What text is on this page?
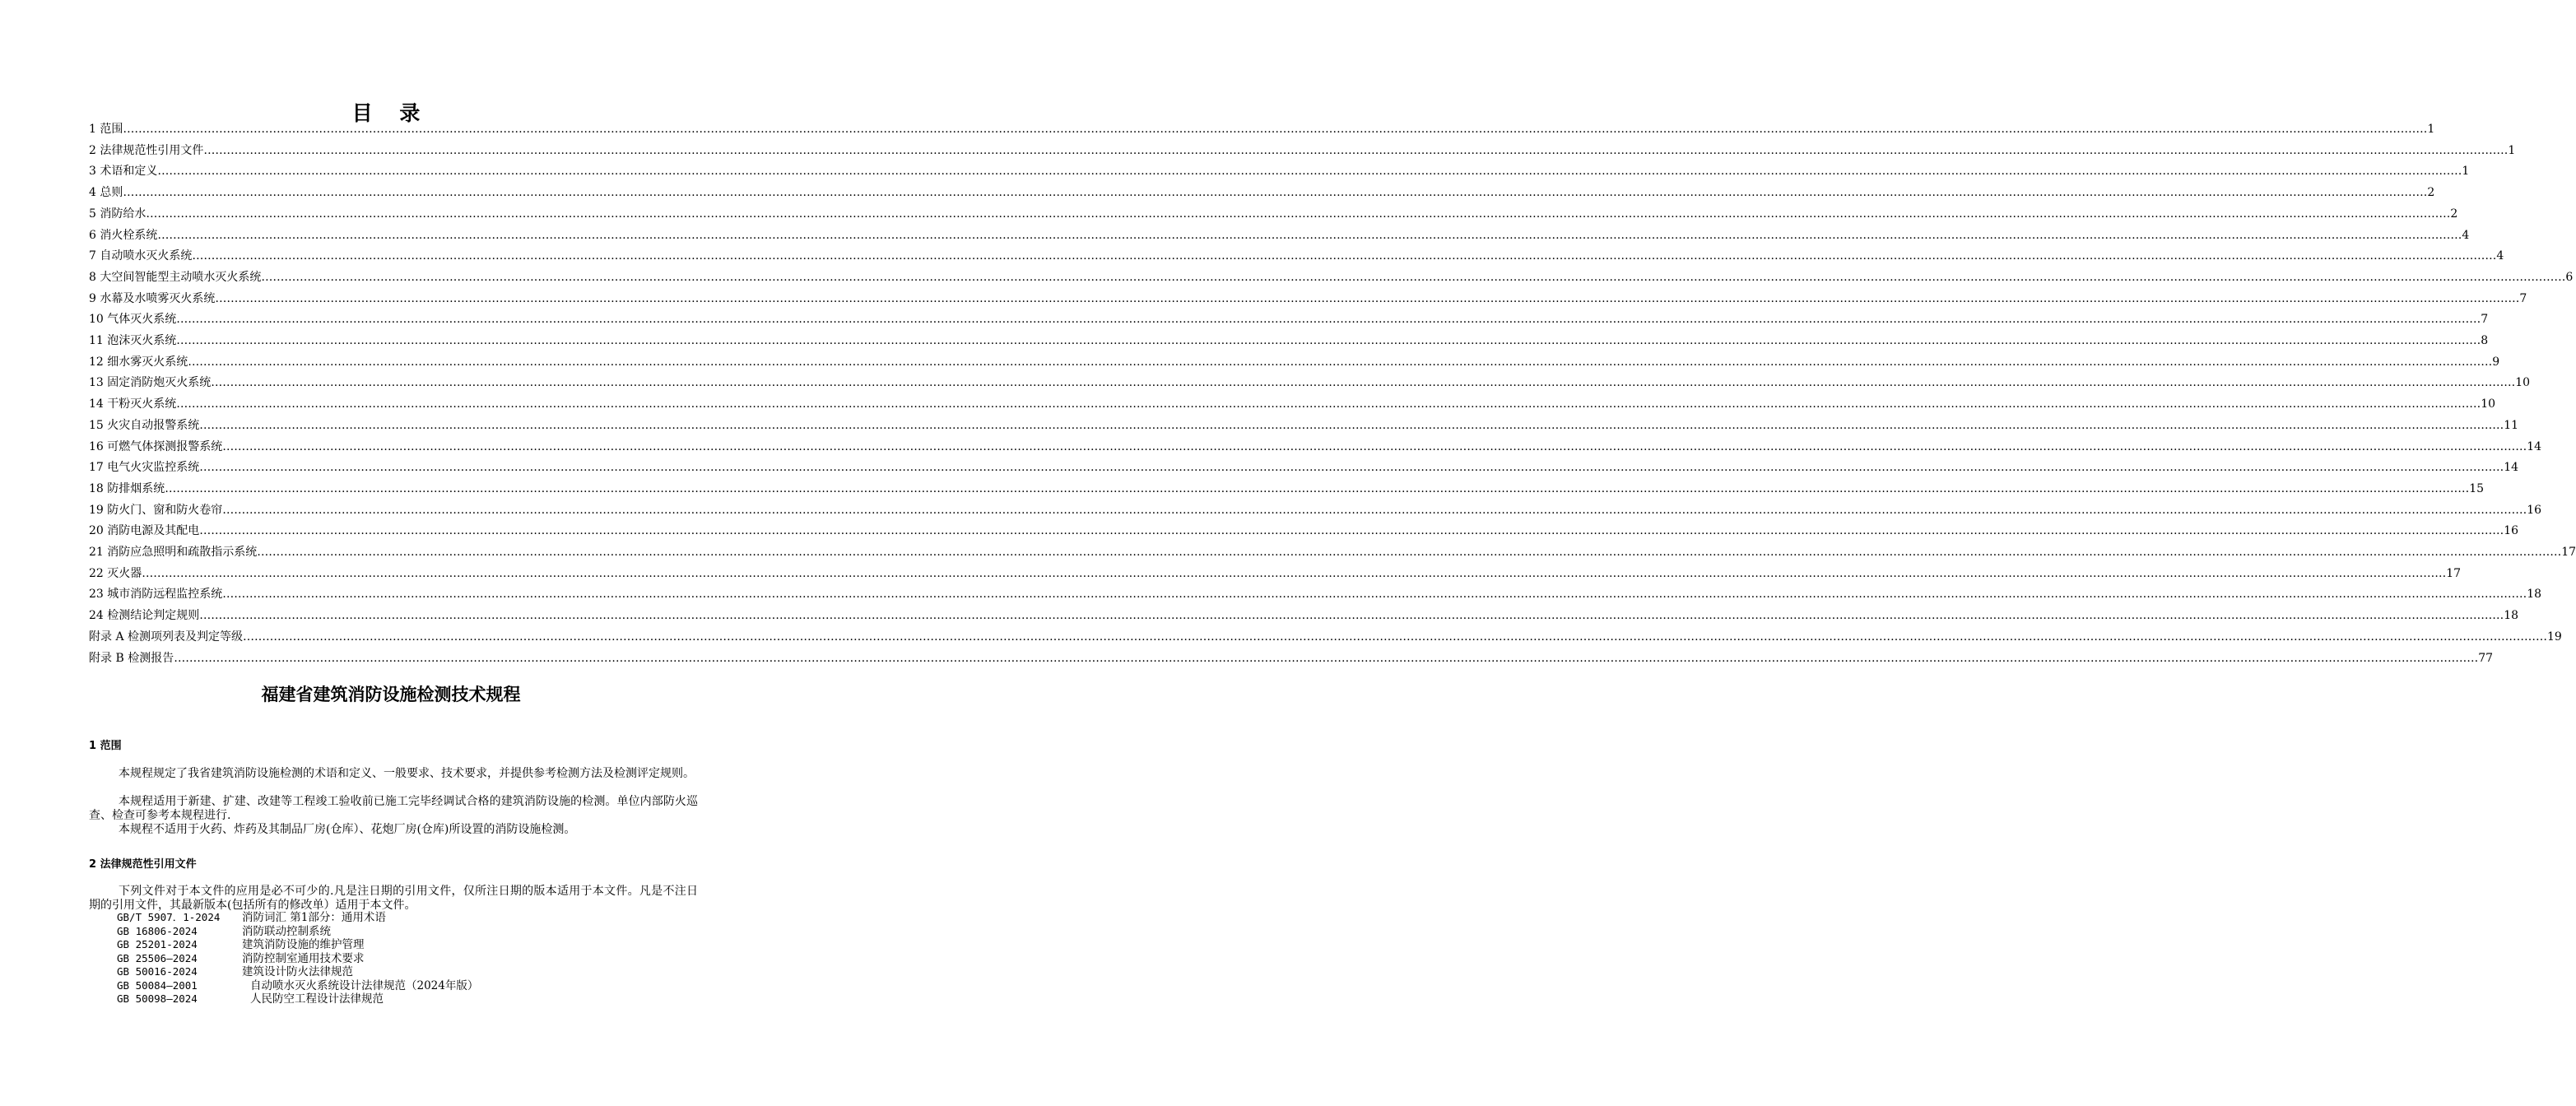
目 录
1 范围 …………………………………………………………………………………………………………………………………………………………………………………………………………………………………………………………………………………………………………………………………………………………………………………………………………………………………………………………………………………………………………………………………………………… 1
2 法律规范性引用文件 …………………………………………………………………………………………………………………………………………………………………………………………………………………………………………………………………………………………………………………………………………………………………………………………………………………………………………………………………………………………………………………………………………………… 1
3 术语和定义 …………………………………………………………………………………………………………………………………………………………………………………………………………………………………………………………………………………………………………………………………………………………………………………………………………………………………………………………………………………………………………………………………………………… 1
4 总则 …………………………………………………………………………………………………………………………………………………………………………………………………………………………………………………………………………………………………………………………………………………………………………………………………………………………………………………………………………………………………………………………………………………… 2
5 消防给水 …………………………………………………………………………………………………………………………………………………………………………………………………………………………………………………………………………………………………………………………………………………………………………………………………………………………………………………………………………………………………………………………………………………… 2
6 消火栓系统 …………………………………………………………………………………………………………………………………………………………………………………………………………………………………………………………………………………………………………………………………………………………………………………………………………………………………………………………………………………………………………………………………………………… 4
7 自动喷水灭火系统 …………………………………………………………………………………………………………………………………………………………………………………………………………………………………………………………………………………………………………………………………………………………………………………………………………………………………………………………………………………………………………………………………………………… 4
8 大空间智能型主动喷水灭火系统 …………………………………………………………………………………………………………………………………………………………………………………………………………………………………………………………………………………………………………………………………………………………………………………………………………………………………………………………………………………………………………………………………………………… 6
9 水幕及水喷雾灭火系统 …………………………………………………………………………………………………………………………………………………………………………………………………………………………………………………………………………………………………………………………………………………………………………………………………………………………………………………………………………………………………………………………………………………… 7
10 气体灭火系统 …………………………………………………………………………………………………………………………………………………………………………………………………………………………………………………………………………………………………………………………………………………………………………………………………………………………………………………………………………………………………………………………………………………… 7
11 泡沫灭火系统 …………………………………………………………………………………………………………………………………………………………………………………………………………………………………………………………………………………………………………………………………………………………………………………………………………………………………………………………………………………………………………………………………………………… 8
12 细水雾灭火系统 …………………………………………………………………………………………………………………………………………………………………………………………………………………………………………………………………………………………………………………………………………………………………………………………………………………………………………………………………………………………………………………………………………………… 9
13 固定消防炮灭火系统 …………………………………………………………………………………………………………………………………………………………………………………………………………………………………………………………………………………………………………………………………………………………………………………………………………………………………………………………………………………………………………………………………………………… 10
14 干粉灭火系统 …………………………………………………………………………………………………………………………………………………………………………………………………………………………………………………………………………………………………………………………………………………………………………………………………………………………………………………………………………………………………………………………………………………… 10
15 火灾自动报警系统 …………………………………………………………………………………………………………………………………………………………………………………………………………………………………………………………………………………………………………………………………………………………………………………………………………………………………………………………………………………………………………………………………………………… 11
16 可燃气体探测报警系统 …………………………………………………………………………………………………………………………………………………………………………………………………………………………………………………………………………………………………………………………………………………………………………………………………………………………………………………………………………………………………………………………………………………… 14
17 电气火灾监控系统 …………………………………………………………………………………………………………………………………………………………………………………………………………………………………………………………………………………………………………………………………………………………………………………………………………………………………………………………………………………………………………………………………………………… 14
18 防排烟系统 …………………………………………………………………………………………………………………………………………………………………………………………………………………………………………………………………………………………………………………………………………………………………………………………………………………………………………………………………………………………………………………………………………………… 15
19 防火门、窗和防火卷帘 …………………………………………………………………………………………………………………………………………………………………………………………………………………………………………………………………………………………………………………………………………………………………………………………………………………………………………………………………………………………………………………………………………………… 16
20 消防电源及其配电 …………………………………………………………………………………………………………………………………………………………………………………………………………………………………………………………………………………………………………………………………………………………………………………………………………………………………………………………………………………………………………………………………………………… 16
21 消防应急照明和疏散指示系统 …………………………………………………………………………………………………………………………………………………………………………………………………………………………………………………………………………………………………………………………………………………………………………………………………………………………………………………………………………………………………………………………………………………… 17
22 灭火器 …………………………………………………………………………………………………………………………………………………………………………………………………………………………………………………………………………………………………………………………………………………………………………………………………………………………………………………………………………………………………………………………………………………… 17
23 城市消防远程监控系统 …………………………………………………………………………………………………………………………………………………………………………………………………………………………………………………………………………………………………………………………………………………………………………………………………………………………………………………………………………………………………………………………………………………… 18
24 检测结论判定规则 …………………………………………………………………………………………………………………………………………………………………………………………………………………………………………………………………………………………………………………………………………………………………………………………………………………………………………………………………………………………………………………………………………………… 18
附录 A 检测项列表及判定等级 …………………………………………………………………………………………………………………………………………………………………………………………………………………………………………………………………………………………………………………………………………………………………………………………………………………………………………………………………………………………………………………………………………………… 19
附录 B 检测报告 …………………………………………………………………………………………………………………………………………………………………………………………………………………………………………………………………………………………………………………………………………………………………………………………………………………………………………………………………………………………………………………………………………………… 77
福建省建筑消防设施检测技术规程
1 范围
本规程规定了我省建筑消防设施检测的术语和定义、一般要求、技术要求，并提供参考检测方法及检测评定规则。
本规程适用于新建、扩建、改建等工程竣工验收前已施工完毕经调试合格的建筑消防设施的检测。单位内部防火巡查、检查可参考本规程进行.
本规程不适用于火药、炸药及其制品厂房(仓库）、花炮厂房(仓库)所设置的消防设施检测。
2 法律规范性引用文件
下列文件对于本文件的应用是必不可少的.凡是注日期的引用文件，仅所注日期的版本适用于本文件。凡是不注日期的引用文件，其最新版本(包括所有的修改单）适用于本文件。
GB/T 5907．1-2024 消防词汇 第1部分：通用术语
GB 16806-2024	消防联动控制系统
GB 25201-2024	建筑消防设施的维护管理
GB 25506—2024	消防控制室通用技术要求
GB 50016-2024	建筑设计防火法律规范
GB 50084—2001	自动喷水灭火系统设计法律规范（2024年版）
GB 50098—2024	人民防空工程设计法律规范
